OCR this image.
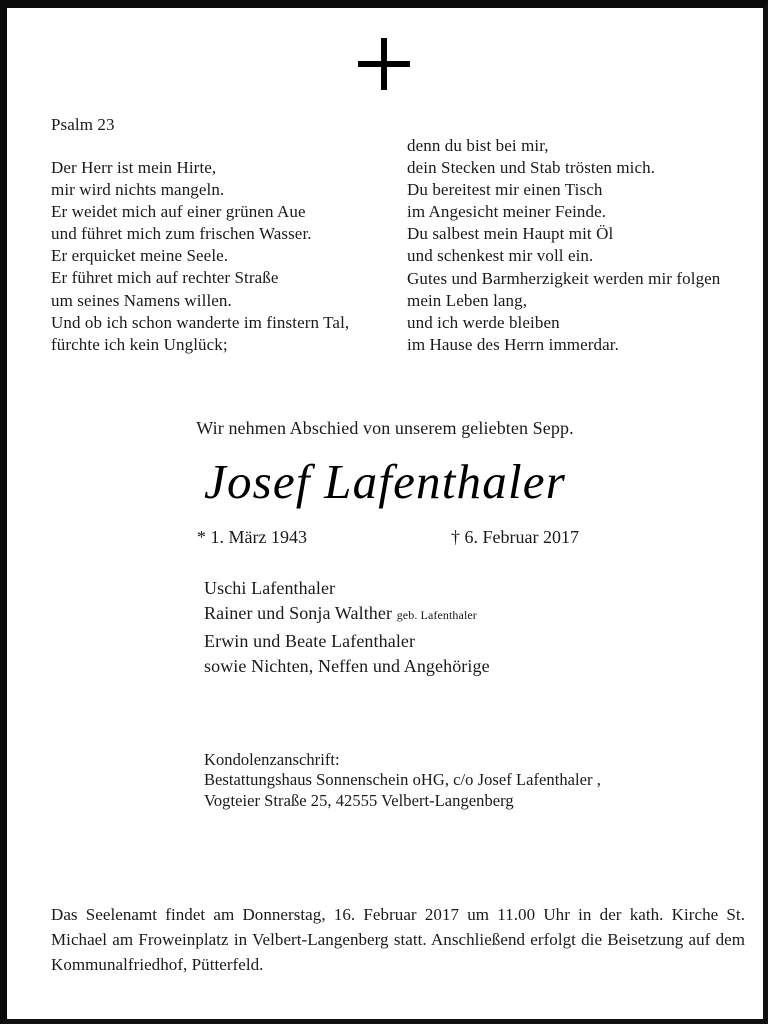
Psalm 23
Der Herr ist mein Hirte,
mir wird nichts mangeln.
Er weidet mich auf einer grünen Aue
und führet mich zum frischen Wasser.
Er erquicket meine Seele.
Er führet mich auf rechter Straße
um seines Namens willen.
Und ob ich schon wanderte im finstern Tal,
fürchte ich kein Unglück;
denn du bist bei mir,
dein Stecken und Stab trösten mich.
Du bereitest mir einen Tisch
im Angesicht meiner Feinde.
Du salbest mein Haupt mit Öl
und schenkest mir voll ein.
Gutes und Barmherzigkeit werden mir folgen
mein Leben lang,
und ich werde bleiben
im Hause des Herrn immerdar.
Wir nehmen Abschied von unserem geliebten Sepp.
Josef Lafenthaler
* 1. März 1943	† 6. Februar 2017
Uschi Lafenthaler
Rainer und Sonja Walther geb. Lafenthaler
Erwin und Beate Lafenthaler
sowie Nichten, Neffen und Angehörige
Kondolenzanschrift:
Bestattungshaus Sonnenschein oHG, c/o Josef Lafenthaler ,
Vogteier Straße 25, 42555 Velbert-Langenberg
Das Seelenamt findet am Donnerstag, 16. Februar 2017 um 11.00 Uhr in der kath. Kirche St. Michael am Froweinplatz in Velbert-Langenberg statt. Anschließend erfolgt die Beisetzung auf dem Kommunalfriedhof, Pütterfeld.
